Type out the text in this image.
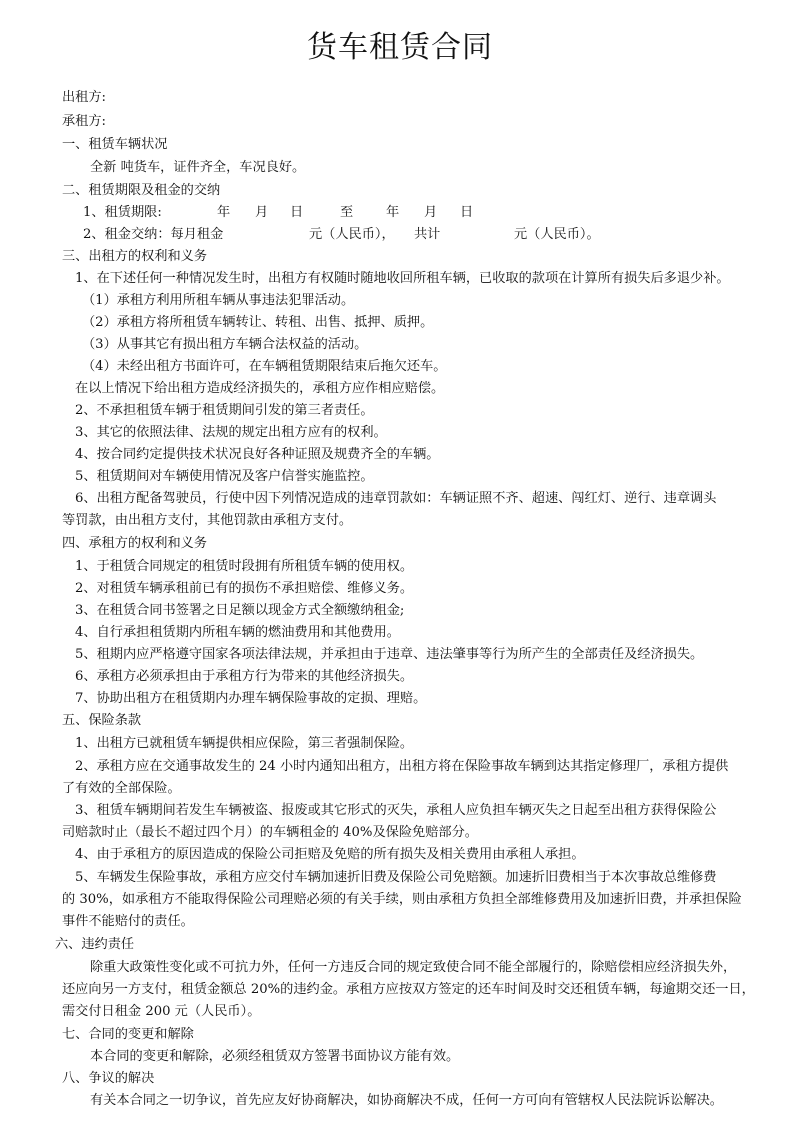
货车租赁合同
出租方:
承租方:
一、租赁车辆状况
全新 吨货车，证件齐全，车况良好。
二、租赁期限及租金的交纳
1、租赁期限:	年 月 日	至 年 月 日
2、租金交纳：每月租金	元（人民币）， 共计	元（人民币）。
三、出租方的权利和义务
1、在下述任何一种情况发生时，出租方有权随时随地收回所租车辆，已收取的款项在计算所有损失后多退少补。
（1）承租方利用所租车辆从事违法犯罪活动。
（2）承租方将所租赁车辆转让、转租、出售、抵押、质押。
（3）从事其它有损出租方车辆合法权益的活动。
（4）未经出租方书面许可，在车辆租赁期限结束后拖欠还车。
在以上情况下给出租方造成经济损失的，承租方应作相应赔偿。
2、不承担租赁车辆于租赁期间引发的第三者责任。
3、其它的依照法律、法规的规定出租方应有的权利。
4、按合同约定提供技术状况良好各种证照及规费齐全的车辆。
5、租赁期间对车辆使用情况及客户信誉实施监控。
6、出租方配备驾驶员，行使中因下列情况造成的违章罚款如：车辆证照不齐、超速、闯红灯、逆行、违章调头
等罚款，由出租方支付，其他罚款由承租方支付。
四、承租方的权利和义务
1、于租赁合同规定的租赁时段拥有所租赁车辆的使用权。
2、对租赁车辆承租前已有的损伤不承担赔偿、维修义务。
3、在租赁合同书签署之日足额以现金方式全额缴纳租金;
4、自行承担租赁期内所租车辆的燃油费用和其他费用。
5、租期内应严格遵守国家各项法律法规，并承担由于违章、违法肇事等行为所产生的全部责任及经济损失。
6、承租方必须承担由于承租方行为带来的其他经济损失。
7、协助出租方在租赁期内办理车辆保险事故的定损、理赔。
五、保险条款
1、出租方已就租赁车辆提供相应保险，第三者强制保险。
2、承租方应在交通事故发生的 24 小时内通知出租方，出租方将在保险事故车辆到达其指定修理厂，承租方提供
了有效的全部保险。
3、租赁车辆期间若发生车辆被盗、报废或其它形式的灭失，承租人应负担车辆灭失之日起至出租方获得保险公
司赔款时止（最长不超过四个月）的车辆租金的 40%及保险免赔部分。
4、由于承租方的原因造成的保险公司拒赔及免赔的所有损失及相关费用由承租人承担。
5、车辆发生保险事故，承租方应交付车辆加速折旧费及保险公司免赔额。加速折旧费相当于本次事故总维修费
的 30%，如承租方不能取得保险公司理赔必须的有关手续，则由承租方负担全部维修费用及加速折旧费，并承担保险
事件不能赔付的责任。
六、违约责任
除重大政策性变化或不可抗力外，任何一方违反合同的规定致使合同不能全部履行的，除赔偿相应经济损失外，
还应向另一方支付，租赁金额总 20%的违约金。承租方应按双方签定的还车时间及时交还租赁车辆，每逾期交还一日，
需交付日租金 200 元（人民币）。
七、合同的变更和解除
本合同的变更和解除，必须经租赁双方签署书面协议方能有效。
八、争议的解决
有关本合同之一切争议，首先应友好协商解决，如协商解决不成，任何一方可向有管辖权人民法院诉讼解决。
